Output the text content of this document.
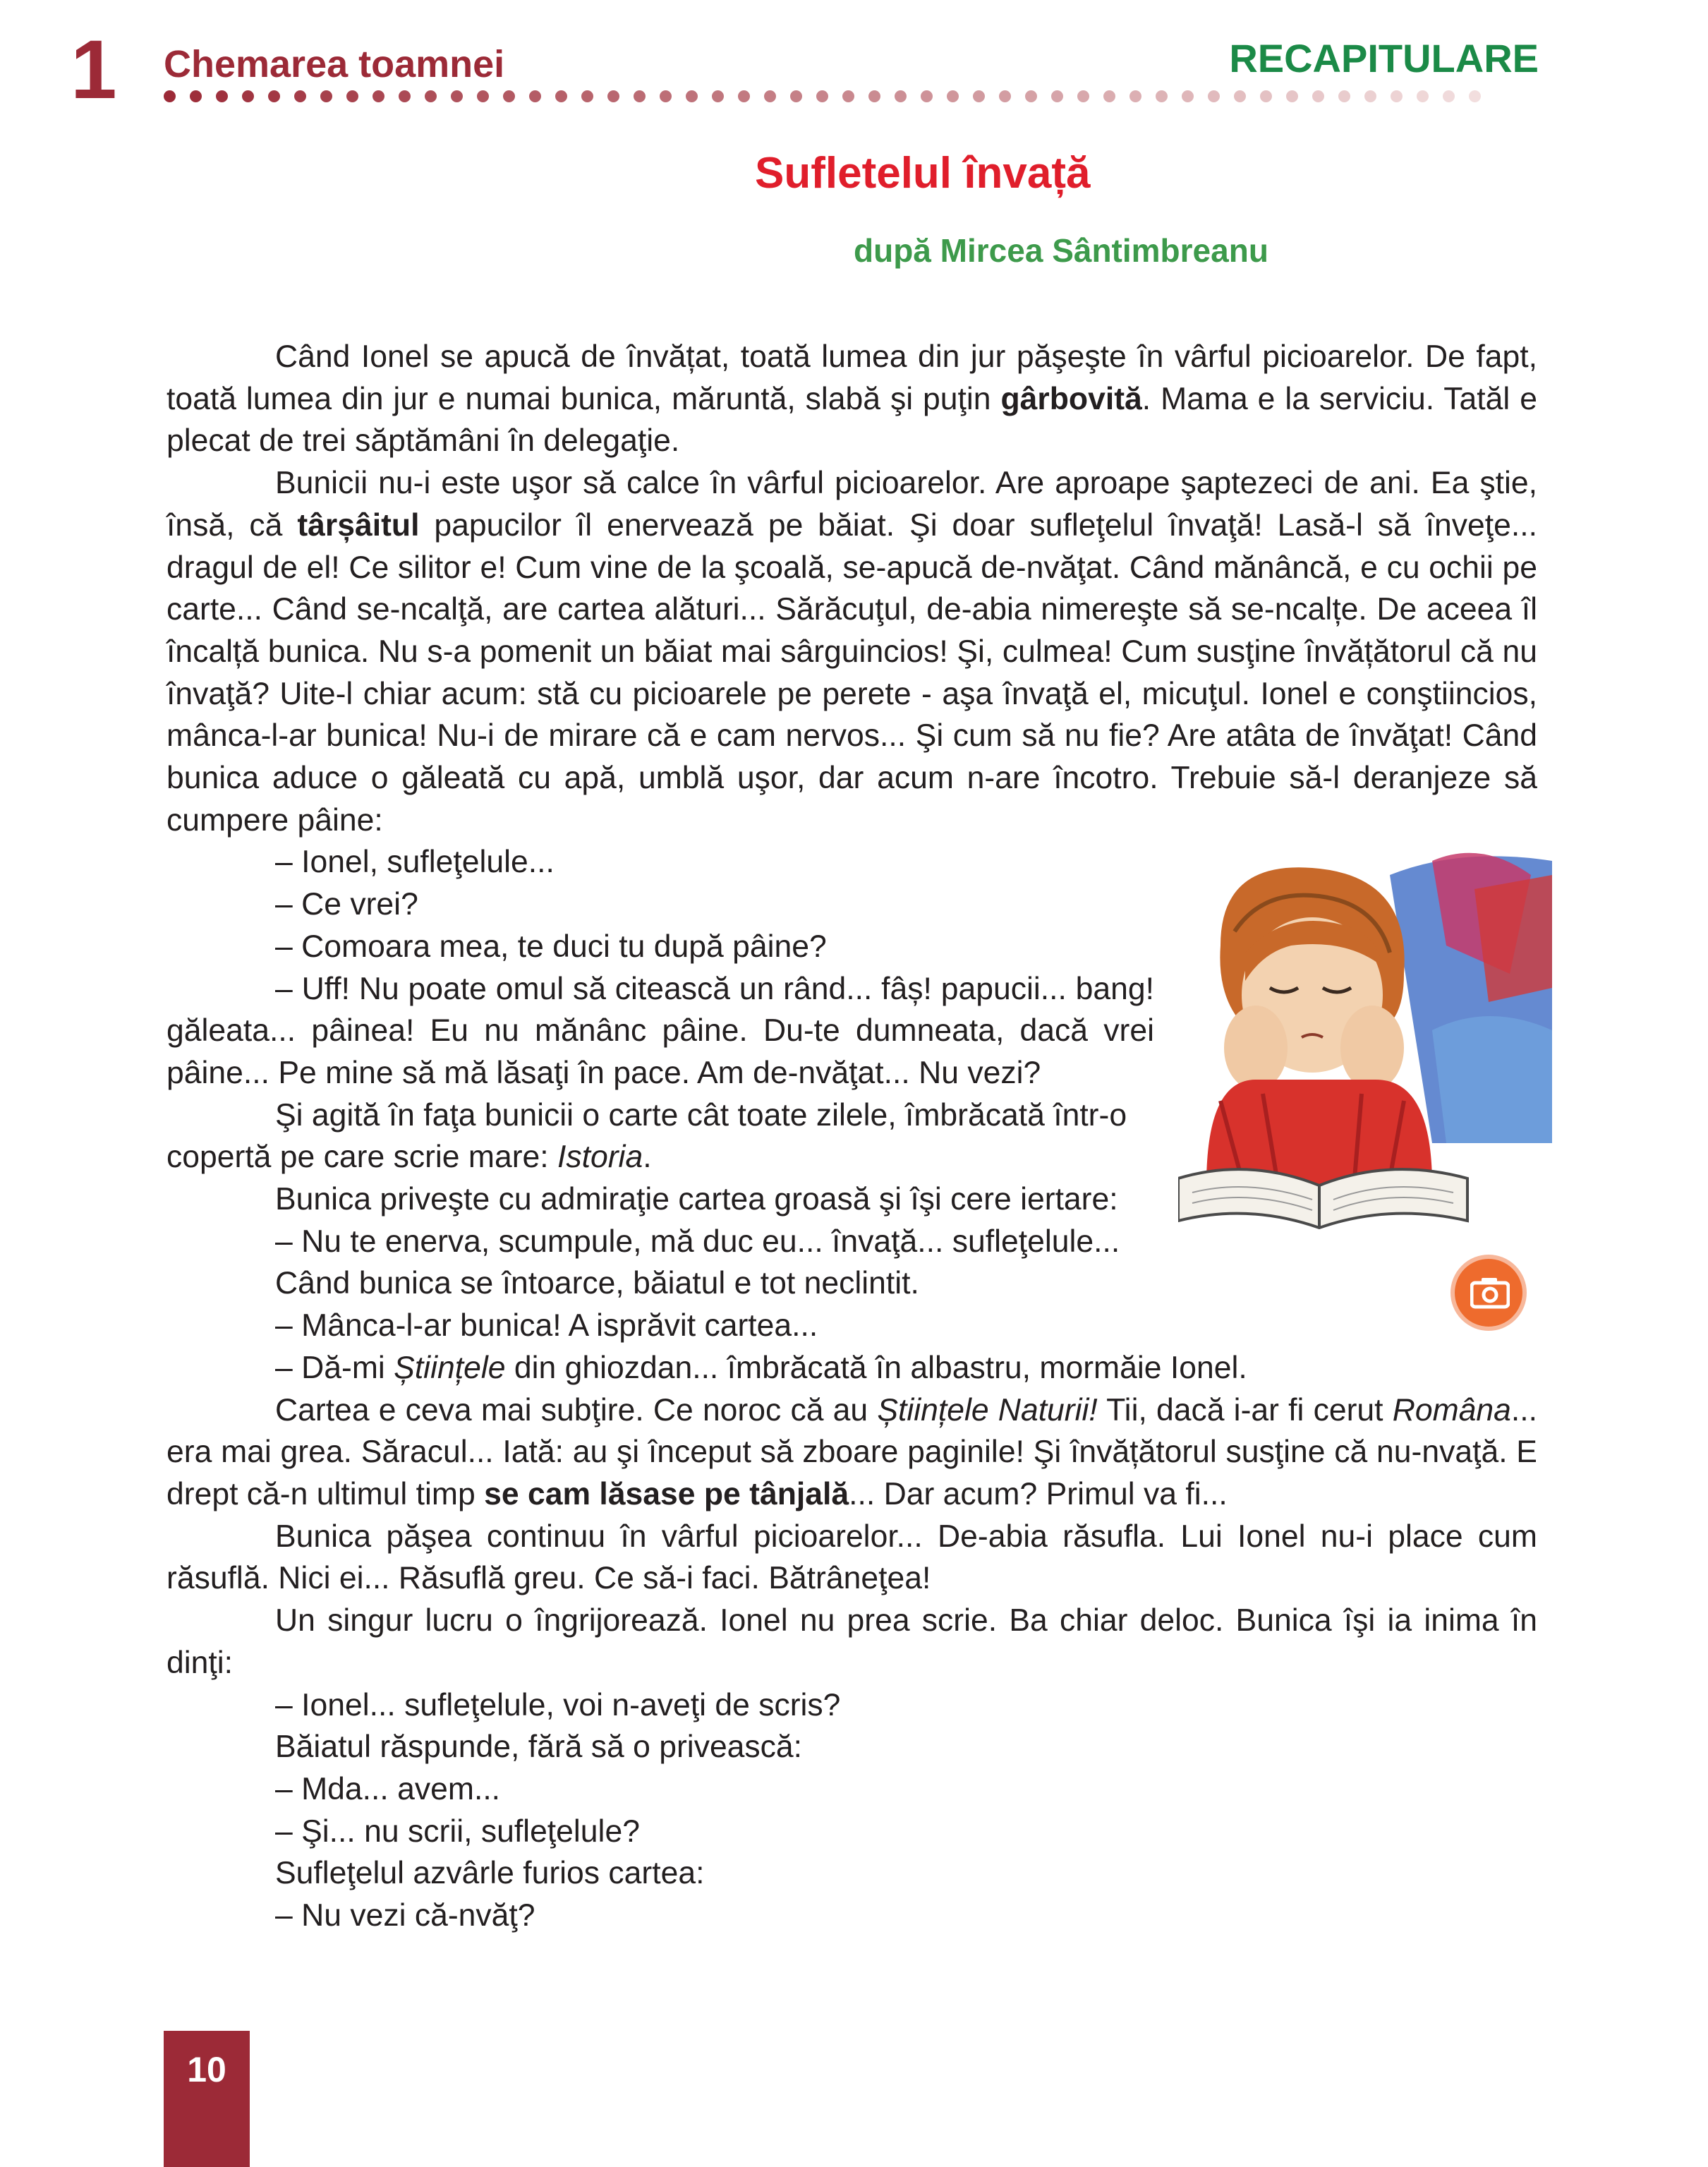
1 Chemarea toamnei	RECAPITULARE
Sufletelul învață
după Mircea Sântimbreanu

Când Ionel se apucă de învățat, toată lumea din jur păşeşte în vârful picioarelor. De fapt, toată lumea din jur e numai bunica, măruntă, slabă şi puţin gârbovită. Mama e la serviciu. Tatăl e plecat de trei săptămâni în delegaţie.

Bunicii nu-i este uşor să calce în vârful picioarelor. Are aproape şaptezeci de ani. Ea ştie, însă, că târșâitul papucilor îl enervează pe băiat. Şi doar sufleţelul învaţă! Lasă-l să înveţe... dragul de el! Ce silitor e! Cum vine de la şcoală, se-apucă de-nvăţat. Când mănâncă, e cu ochii pe carte... Când se-ncalţă, are cartea alături... Sărăcuţul, de-abia nimereşte să se-ncalțe. De aceea îl încalță bunica. Nu s-a pomenit un băiat mai sârguincios! Şi, culmea! Cum susţine învățătorul că nu învaţă? Uite-l chiar acum: stă cu picioarele pe perete - aşa învaţă el, micuţul. Ionel e conştiincios, mânca-l-ar bunica! Nu-i de mirare că e cam nervos... Şi cum să nu fie? Are atâta de învăţat! Când bunica aduce o găleată cu apă, umblă uşor, dar acum n-are încotro. Trebuie să-l deranjeze să cumpere pâine:

– Ionel, sufleţelule...

– Ce vrei?

– Comoara mea, te duci tu după pâine?

– Uff! Nu poate omul să citească un rând... fâș! papucii... bang! găleata... pâinea! Eu nu mănânc pâine. Du-te dumneata, dacă vrei pâine... Pe mine să mă lăsaţi în pace. Am de-nvăţat... Nu vezi?

Şi agită în faţa bunicii o carte cât toate zilele, îmbrăcată într-o copertă pe care scrie mare: Istoria.

Bunica priveşte cu admiraţie cartea groasă şi îşi cere iertare:

– Nu te enerva, scumpule, mă duc eu... învaţă... sufleţelule...

Când bunica se întoarce, băiatul e tot neclintit.

– Mânca-l-ar bunica! A isprăvit cartea...

– Dă-mi Științele din ghiozdan... îmbrăcată în albastru, mormăie Ionel.

Cartea e ceva mai subţire. Ce noroc că au Științele Naturii! Tii, dacă i-ar fi cerut Româna... era mai grea. Săracul... Iată: au şi început să zboare paginile! Şi învățătorul susţine că nu-nvaţă. E drept că-n ultimul timp se cam lăsase pe tânjală... Dar acum? Primul va fi...

Bunica păşea continuu în vârful picioarelor... De-abia răsufla. Lui Ionel nu-i place cum răsuflă. Nici ei... Răsuflă greu. Ce să-i faci. Bătrâneţea!

Un singur lucru o îngrijorează. Ionel nu prea scrie. Ba chiar deloc. Bunica îşi ia inima în dinţi:

– Ionel... sufleţelule, voi n-aveţi de scris?

Băiatul răspunde, fără să o privească:

– Mda... avem...

– Şi... nu scrii, sufleţelule?

Sufleţelul azvârle furios cartea:

– Nu vezi că-nvăţ?

10
